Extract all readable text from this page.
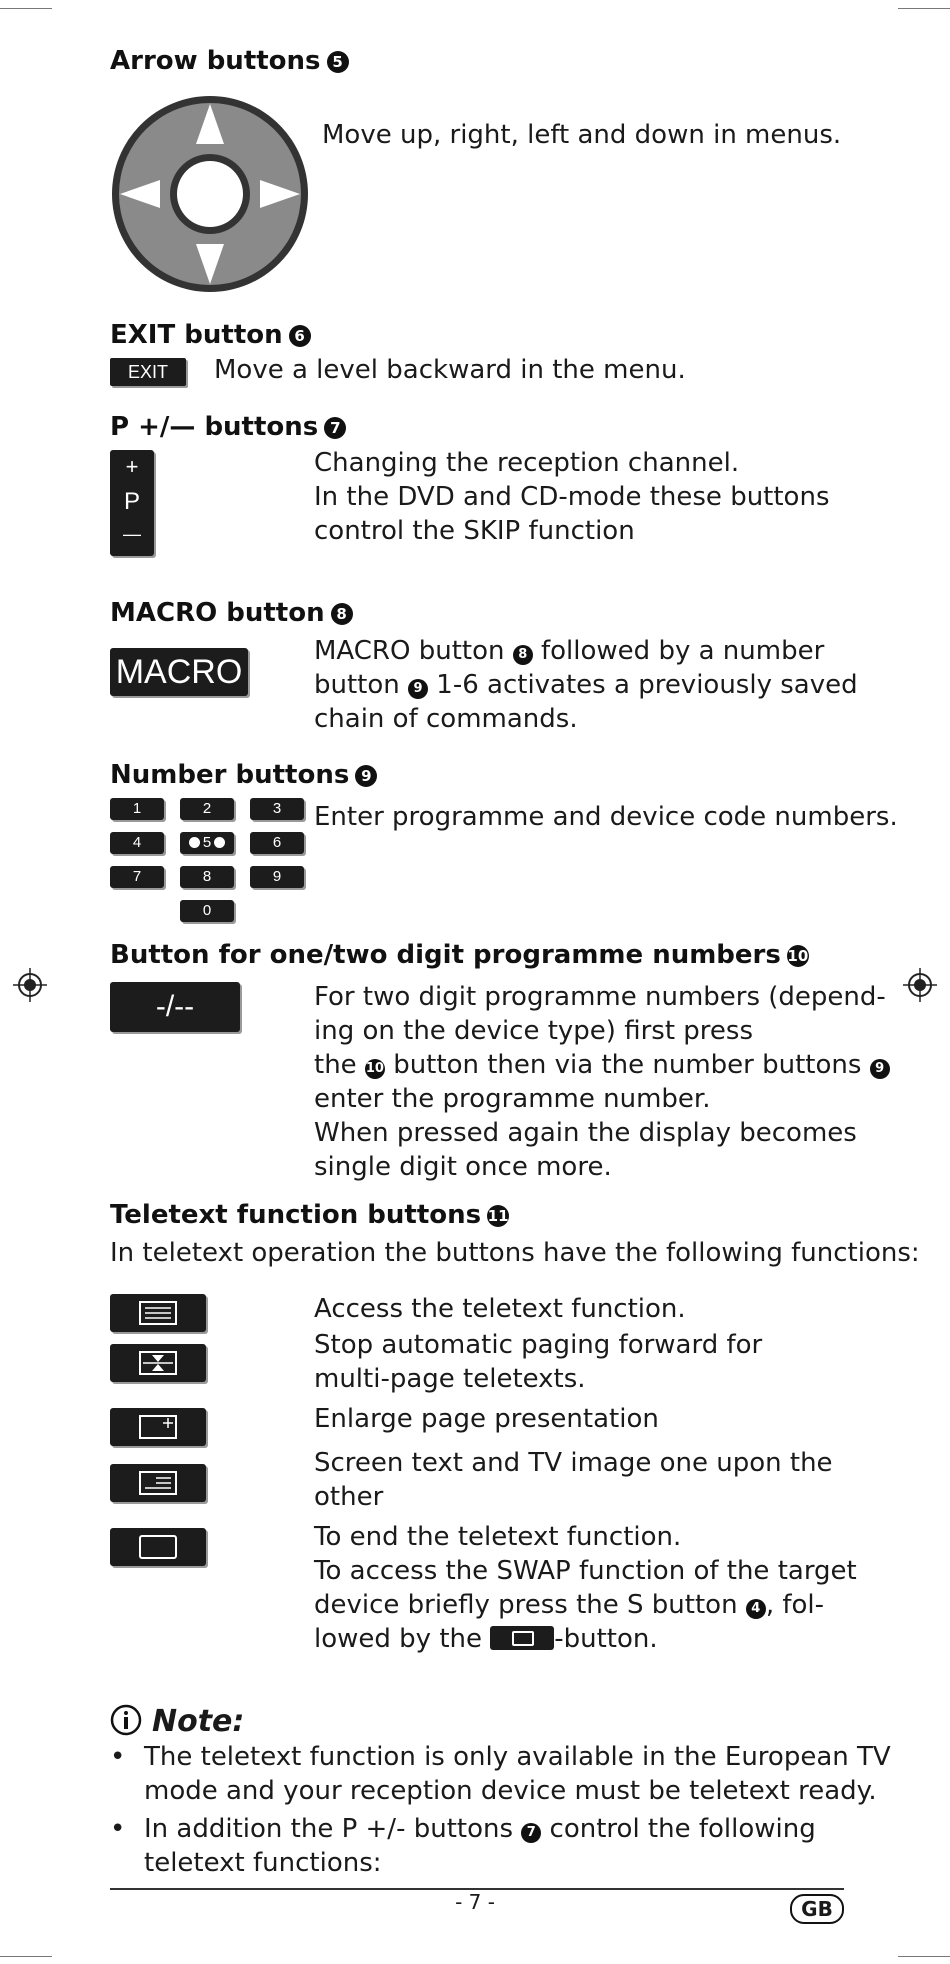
Arrow buttons 5
Move up, right, left and down in menus.
EXIT button 6
EXIT	Move a level backward in the menu.
P +/— buttons 7
+
P
—
Changing the reception channel.
In the DVD and CD-mode these buttons
control the SKIP function
MACRO button 8
MACRO
MACRO button 8 followed by a number
button 9 1-6 activates a previously saved
chain of commands.
Number buttons 9
1	2	3
4	5	6
7	8	9
0
Enter programme and device code numbers.
Button for one/two digit programme numbers 10
-/--	For two digit programme numbers (depend-
ing on the device type) first press
the 10 button then via the number buttons 9
enter the programme number.
When pressed again the display becomes
single digit once more.
Teletext function buttons 11
In teletext operation the buttons have the following functions:
Access the teletext function.
Stop automatic paging forward for
multi-page teletexts.
Enlarge page presentation
Screen text and TV image one upon the
other
To end the teletext function.
To access the SWAP function of the target
device briefly press the S button 4 , fol-
lowed by the	-button.
Note:
• The teletext function is only available in the European TV
mode and your reception device must be teletext ready.
• In addition the P +/- buttons 7 control the following
teletext functions:
- 7 -	GB
